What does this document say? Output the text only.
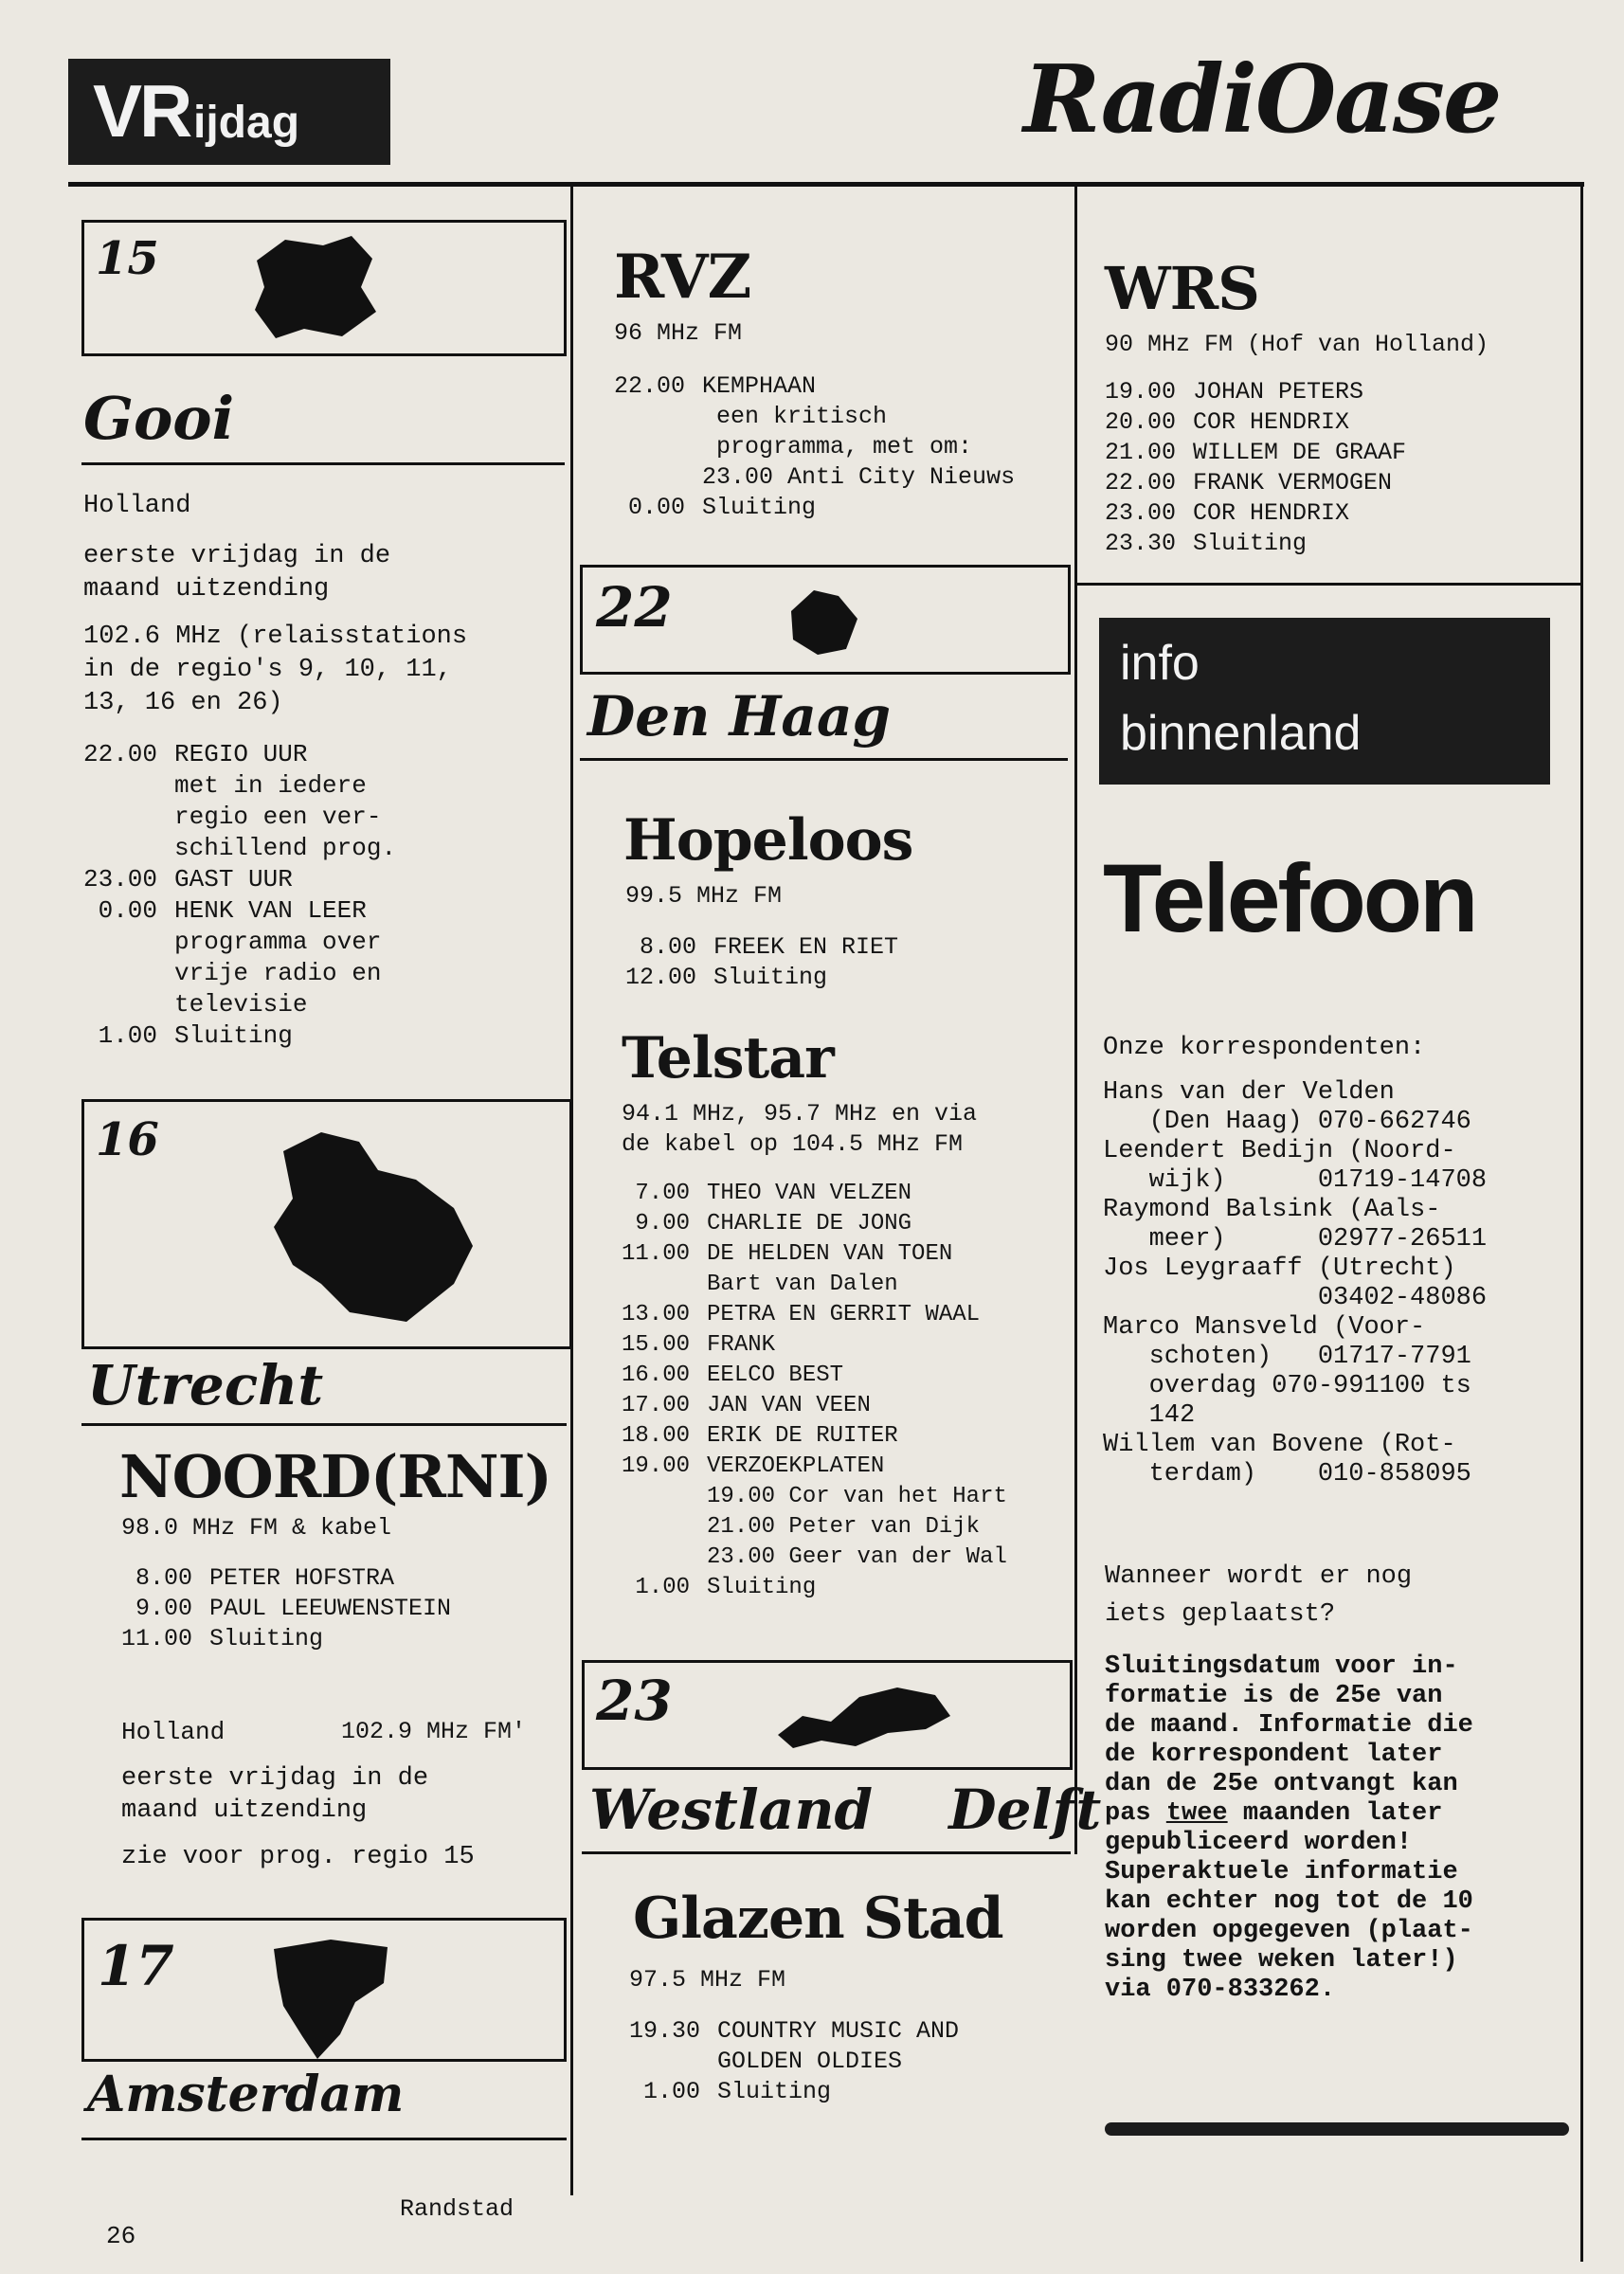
VR ijdag	RadiOase
15
Gooi
Holland
eerste vrijdag in de
maand uitzending
102.6 MHz (relaisstations
in de regio's 9, 10, 11,
13, 16 en 26)
22.00 REGIO UUR
met in iedere
regio een ver-
schillend prog.
23.00 GAST UUR
0.00 HENK VAN LEER
programma over
vrije radio en
televisie
1.00 Sluiting
16
Utrecht
NOORD(RNI)
98.0 MHz FM & kabel
8.00 PETER HOFSTRA
9.00 PAUL LEEUWENSTEIN
11.00 Sluiting
Holland	102.9 MHz FM'
eerste vrijdag in de
maand uitzending
zie voor prog. regio 15
17
Amsterdam
26
Randstad
RVZ
96 MHz FM
22.00 KEMPHAAN
een kritisch
programma, met om:
23.00 Anti City Nieuws
0.00 Sluiting
22
Den Haag
Hopeloos
99.5 MHz FM
8.00 FREEK EN RIET
12.00 Sluiting
Telstar
94.1 MHz, 95.7 MHz en via
de kabel op 104.5 MHz FM
7.00 THEO VAN VELZEN
9.00 CHARLIE DE JONG
11.00 DE HELDEN VAN TOEN
Bart van Dalen
13.00 PETRA EN GERRIT WAAL
15.00 FRANK
16.00 EELCO BEST
17.00 JAN VAN VEEN
18.00 ERIK DE RUITER
19.00 VERZOEKPLATEN
19.00 Cor van het Hart
21.00 Peter van Dijk
23.00 Geer van der Wal
1.00 Sluiting
23
Westland Delft
Glazen Stad
97.5 MHz FM
19.30 COUNTRY MUSIC AND
GOLDEN OLDIES
1.00 Sluiting
WRS
90 MHz FM (Hof van Holland)
19.00 JOHAN PETERS
20.00 COR HENDRIX
21.00 WILLEM DE GRAAF
22.00 FRANK VERMOGEN
23.00 COR HENDRIX
23.30 Sluiting
info
binnenland
Telefoon
Onze korrespondenten:
Hans van der Velden
(Den Haag) 070-662746
Leendert Bedijn (Noord-
wijk)      01719-14708
Raymond Balsink (Aals-
meer)      02977-26511
Jos Leygraaff (Utrecht)
03402-48086
Marco Mansveld (Voor-
schoten)   01717-7791
overdag 070-991100 ts
142
Willem van Bovene (Rot-
terdam)    010-858095
Wanneer wordt er nog
iets geplaatst?
Sluitingsdatum voor in-
formatie is de 25e van
de maand. Informatie die
de korrespondent later
dan de 25e ontvangt kan
pas twee maanden later
gepubliceerd worden!
Superaktuele informatie
kan echter nog tot de 10
worden opgegeven (plaat-
sing twee weken later!)
via 070-833262.
